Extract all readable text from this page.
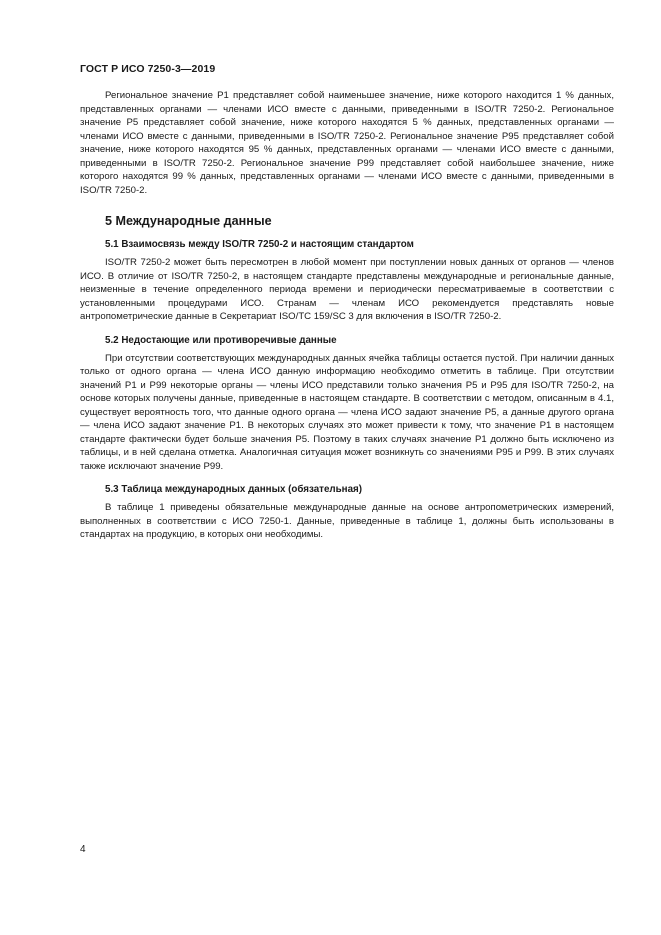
ГОСТ Р ИСО 7250-3—2019

Региональное значение P1 представляет собой наименьшее значение, ниже которого находится 1 % данных, представленных органами — членами ИСО вместе с данными, приведенными в ISO/TR 7250-2. Региональное значение P5 представляет собой значение, ниже которого находятся 5 % данных, представленных органами — членами ИСО вместе с данными, приведенными в ISO/TR 7250-2. Региональное значение P95 представляет собой значение, ниже которого находятся 95 % данных, представленных органами — членами ИСО вместе с данными, приведенными в ISO/TR 7250-2. Региональное значение P99 представляет собой наибольшее значение, ниже которого находятся 99 % данных, представленных органами — членами ИСО вместе с данными, приведенными в ISO/TR 7250-2.

5 Международные данные
5.1 Взаимосвязь между ISO/TR 7250-2 и настоящим стандартом

ISO/TR 7250-2 может быть пересмотрен в любой момент при поступлении новых данных от органов — членов ИСО. В отличие от ISO/TR 7250-2, в настоящем стандарте представлены международные и региональные данные, неизменные в течение определенного периода времени и периодически пересматриваемые в соответствии с установленными процедурами ИСО. Странам — членам ИСО рекомендуется представлять новые антропометрические данные в Секретариат ISO/TC 159/SC 3 для включения в ISO/TR 7250-2.

5.2 Недостающие или противоречивые данные

При отсутствии соответствующих международных данных ячейка таблицы остается пустой. При наличии данных только от одного органа — члена ИСО данную информацию необходимо отметить в таблице. При отсутствии значений P1 и P99 некоторые органы — члены ИСО представили только значения P5 и P95 для ISO/TR 7250-2, на основе которых получены данные, приведенные в настоящем стандарте. В соответствии с методом, описанным в 4.1, существует вероятность того, что данные одного органа — члена ИСО задают значение P5, а данные другого органа — члена ИСО задают значение P1. В некоторых случаях это может привести к тому, что значение P1 в настоящем стандарте фактически будет больше значения P5. Поэтому в таких случаях значение P1 должно быть исключено из таблицы, и в ней сделана отметка. Аналогичная ситуация может возникнуть со значениями P95 и P99. В этих случаях также исключают значение P99.

5.3 Таблица международных данных (обязательная)

В таблице 1 приведены обязательные международные данные на основе антропометрических измерений, выполненных в соответствии с ИСО 7250-1. Данные, приведенные в таблице 1, должны быть использованы в стандартах на продукцию, в которых они необходимы.

4
